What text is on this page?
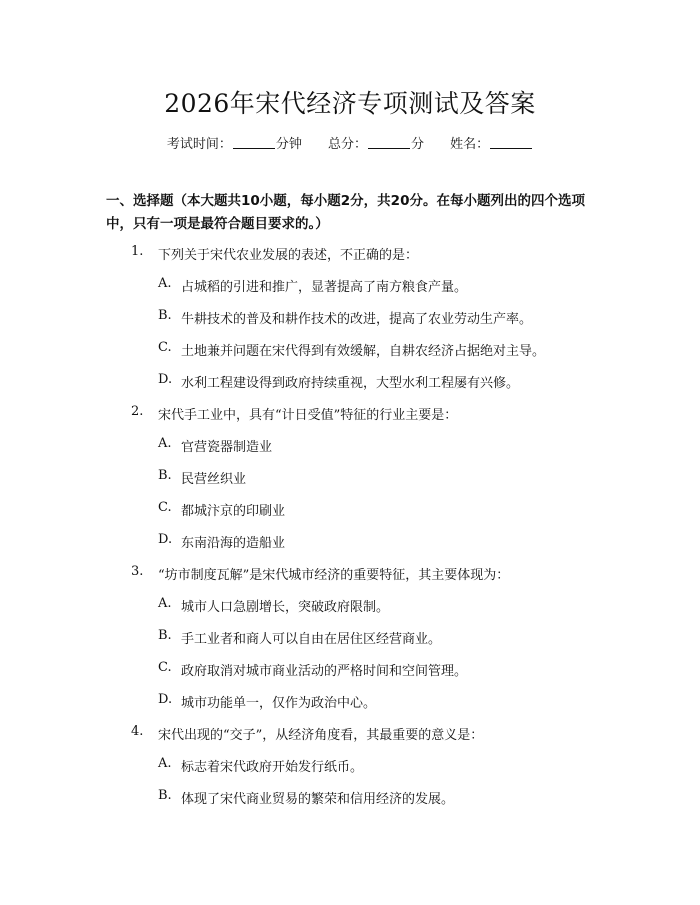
2026年宋代经济专项测试及答案
考试时间：	分钟 总分：	分 姓名：
一、选择题（本大题共10小题，每小题2分，共20分。在每小题列出的四个选项中，只有一项是最符合题目要求的。）
1. 下列关于宋代农业发展的表述，不正确的是：
A. 占城稻的引进和推广，显著提高了南方粮食产量。
B. 牛耕技术的普及和耕作技术的改进，提高了农业劳动生产率。
C. 土地兼并问题在宋代得到有效缓解，自耕农经济占据绝对主导。
D. 水利工程建设得到政府持续重视，大型水利工程屡有兴修。
2. 宋代手工业中，具有“计日受值”特征的行业主要是：
A. 官营瓷器制造业
B. 民营丝织业
C. 都城汴京的印刷业
D. 东南沿海的造船业
3. “坊市制度瓦解”是宋代城市经济的重要特征，其主要体现为：
A. 城市人口急剧增长，突破政府限制。
B. 手工业者和商人可以自由在居住区经营商业。
C. 政府取消对城市商业活动的严格时间和空间管理。
D. 城市功能单一，仅作为政治中心。
4. 宋代出现的“交子”，从经济角度看，其最重要的意义是：
A. 标志着宋代政府开始发行纸币。
B. 体现了宋代商业贸易的繁荣和信用经济的发展。
